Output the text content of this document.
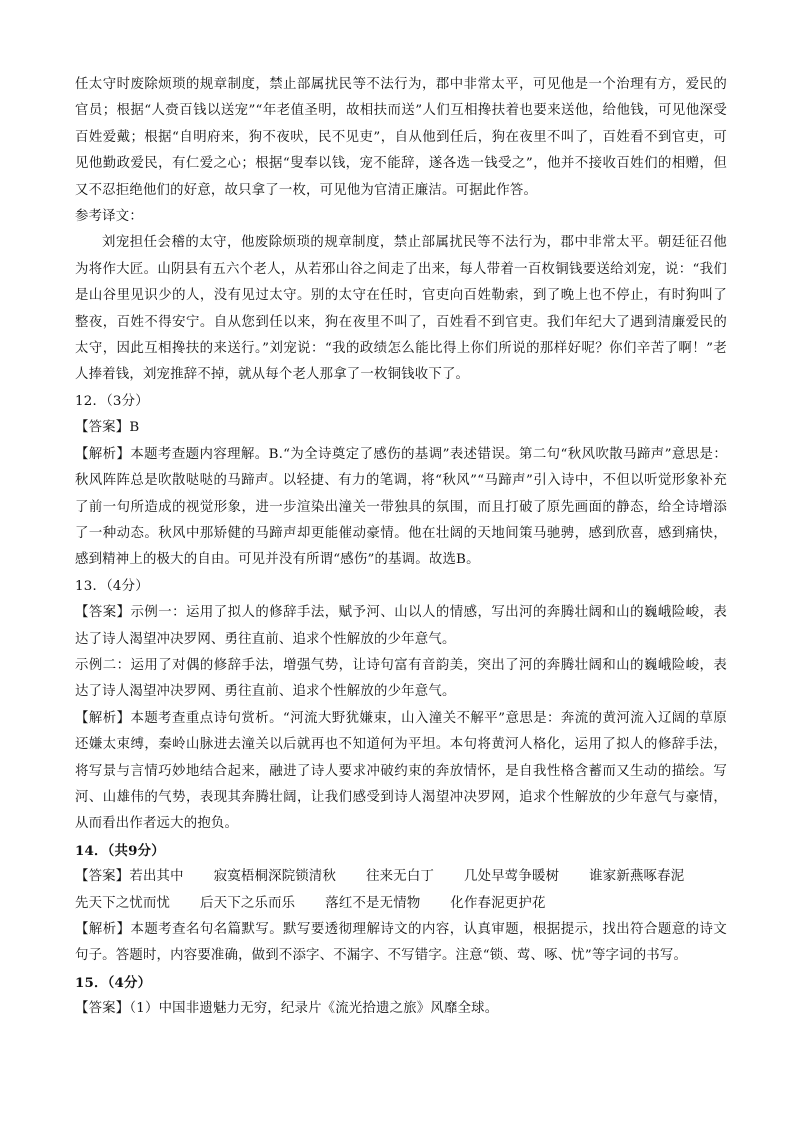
任太守时废除烦琐的规章制度，禁止部属扰民等不法行为，郡中非常太平，可见他是一个治理有方，爱民的官员；根据“人赍百钱以送宠”“年老值圣明，故相扶而送”人们互相搀扶着也要来送他，给他钱，可见他深受百姓爱戴；根据“自明府来，狗不夜吠，民不见吏”，自从他到任后，狗在夜里不叫了，百姓看不到官吏，可见他勤政爱民，有仁爱之心；根据“叟奉以钱，宠不能辞，遂各选一钱受之”，他并不接收百姓们的相赠，但又不忍拒绝他们的好意，故只拿了一枚，可见他为官清正廉洁。可据此作答。

参考译文：

刘宠担任会稽的太守，他废除烦琐的规章制度，禁止部属扰民等不法行为，郡中非常太平。朝廷征召他为将作大匠。山阴县有五六个老人，从若邪山谷之间走了出来，每人带着一百枚铜钱要送给刘宠，说：“我们是山谷里见识少的人，没有见过太守。别的太守在任时，官吏向百姓勒索，到了晚上也不停止，有时狗叫了整夜，百姓不得安宁。自从您到任以来，狗在夜里不叫了，百姓看不到官吏。我们年纪大了遇到清廉爱民的太守，因此互相搀扶的来送行。”刘宠说：“我的政绩怎么能比得上你们所说的那样好呢？你们辛苦了啊！”老人捧着钱，刘宠推辞不掉，就从每个老人那拿了一枚铜钱收下了。

12．（3分）

【答案】B

【解析】本题考查题内容理解。B.“为全诗奠定了感伤的基调”表述错误。第二句“秋风吹散马蹄声”意思是：秋风阵阵总是吹散哒哒的马蹄声。以轻捷、有力的笔调，将“秋风”“马蹄声”引入诗中，不但以听觉形象补充了前一句所造成的视觉形象，进一步渲染出潼关一带独具的氛围，而且打破了原先画面的静态，给全诗增添了一种动态。秋风中那矫健的马蹄声却更能催动豪情。他在壮阔的天地间策马驰骋，感到欣喜，感到痛快，感到精神上的极大的自由。可见并没有所谓“感伤”的基调。故选B。

13．（4分）

【答案】示例一：运用了拟人的修辞手法，赋予河、山以人的情感，写出河的奔腾壮阔和山的巍峨险峻，表达了诗人渴望冲决罗网、勇往直前、追求个性解放的少年意气。

示例二：运用了对偶的修辞手法，增强气势，让诗句富有音韵美，突出了河的奔腾壮阔和山的巍峨险峻，表达了诗人渴望冲决罗网、勇往直前、追求个性解放的少年意气。

【解析】本题考查重点诗句赏析。“河流大野犹嫌束，山入潼关不解平”意思是：奔流的黄河流入辽阔的草原还嫌太束缚，秦岭山脉进去潼关以后就再也不知道何为平坦。本句将黄河人格化，运用了拟人的修辞手法，将写景与言情巧妙地结合起来，融进了诗人要求冲破约束的奔放情怀，是自我性格含蓄而又生动的描绘。写河、山雄伟的气势，表现其奔腾壮阔，让我们感受到诗人渴望冲决罗网，追求个性解放的少年意气与豪情，从而看出作者远大的抱负。

14．（共9分）

【答案】若出其中 寂寞梧桐深院锁清秋 往来无白丁 几处早莺争暖树 谁家新燕啄春泥

先天下之忧而忧 后天下之乐而乐 落红不是无情物 化作春泥更护花

【解析】本题考查名句名篇默写。默写要透彻理解诗文的内容，认真审题，根据提示，找出符合题意的诗文句子。答题时，内容要准确，做到不添字、不漏字、不写错字。注意“锁、莺、啄、忧”等字词的书写。

15．（4分）

【答案】（1）中国非遗魅力无穷，纪录片《流光拾遗之旅》风靡全球。
